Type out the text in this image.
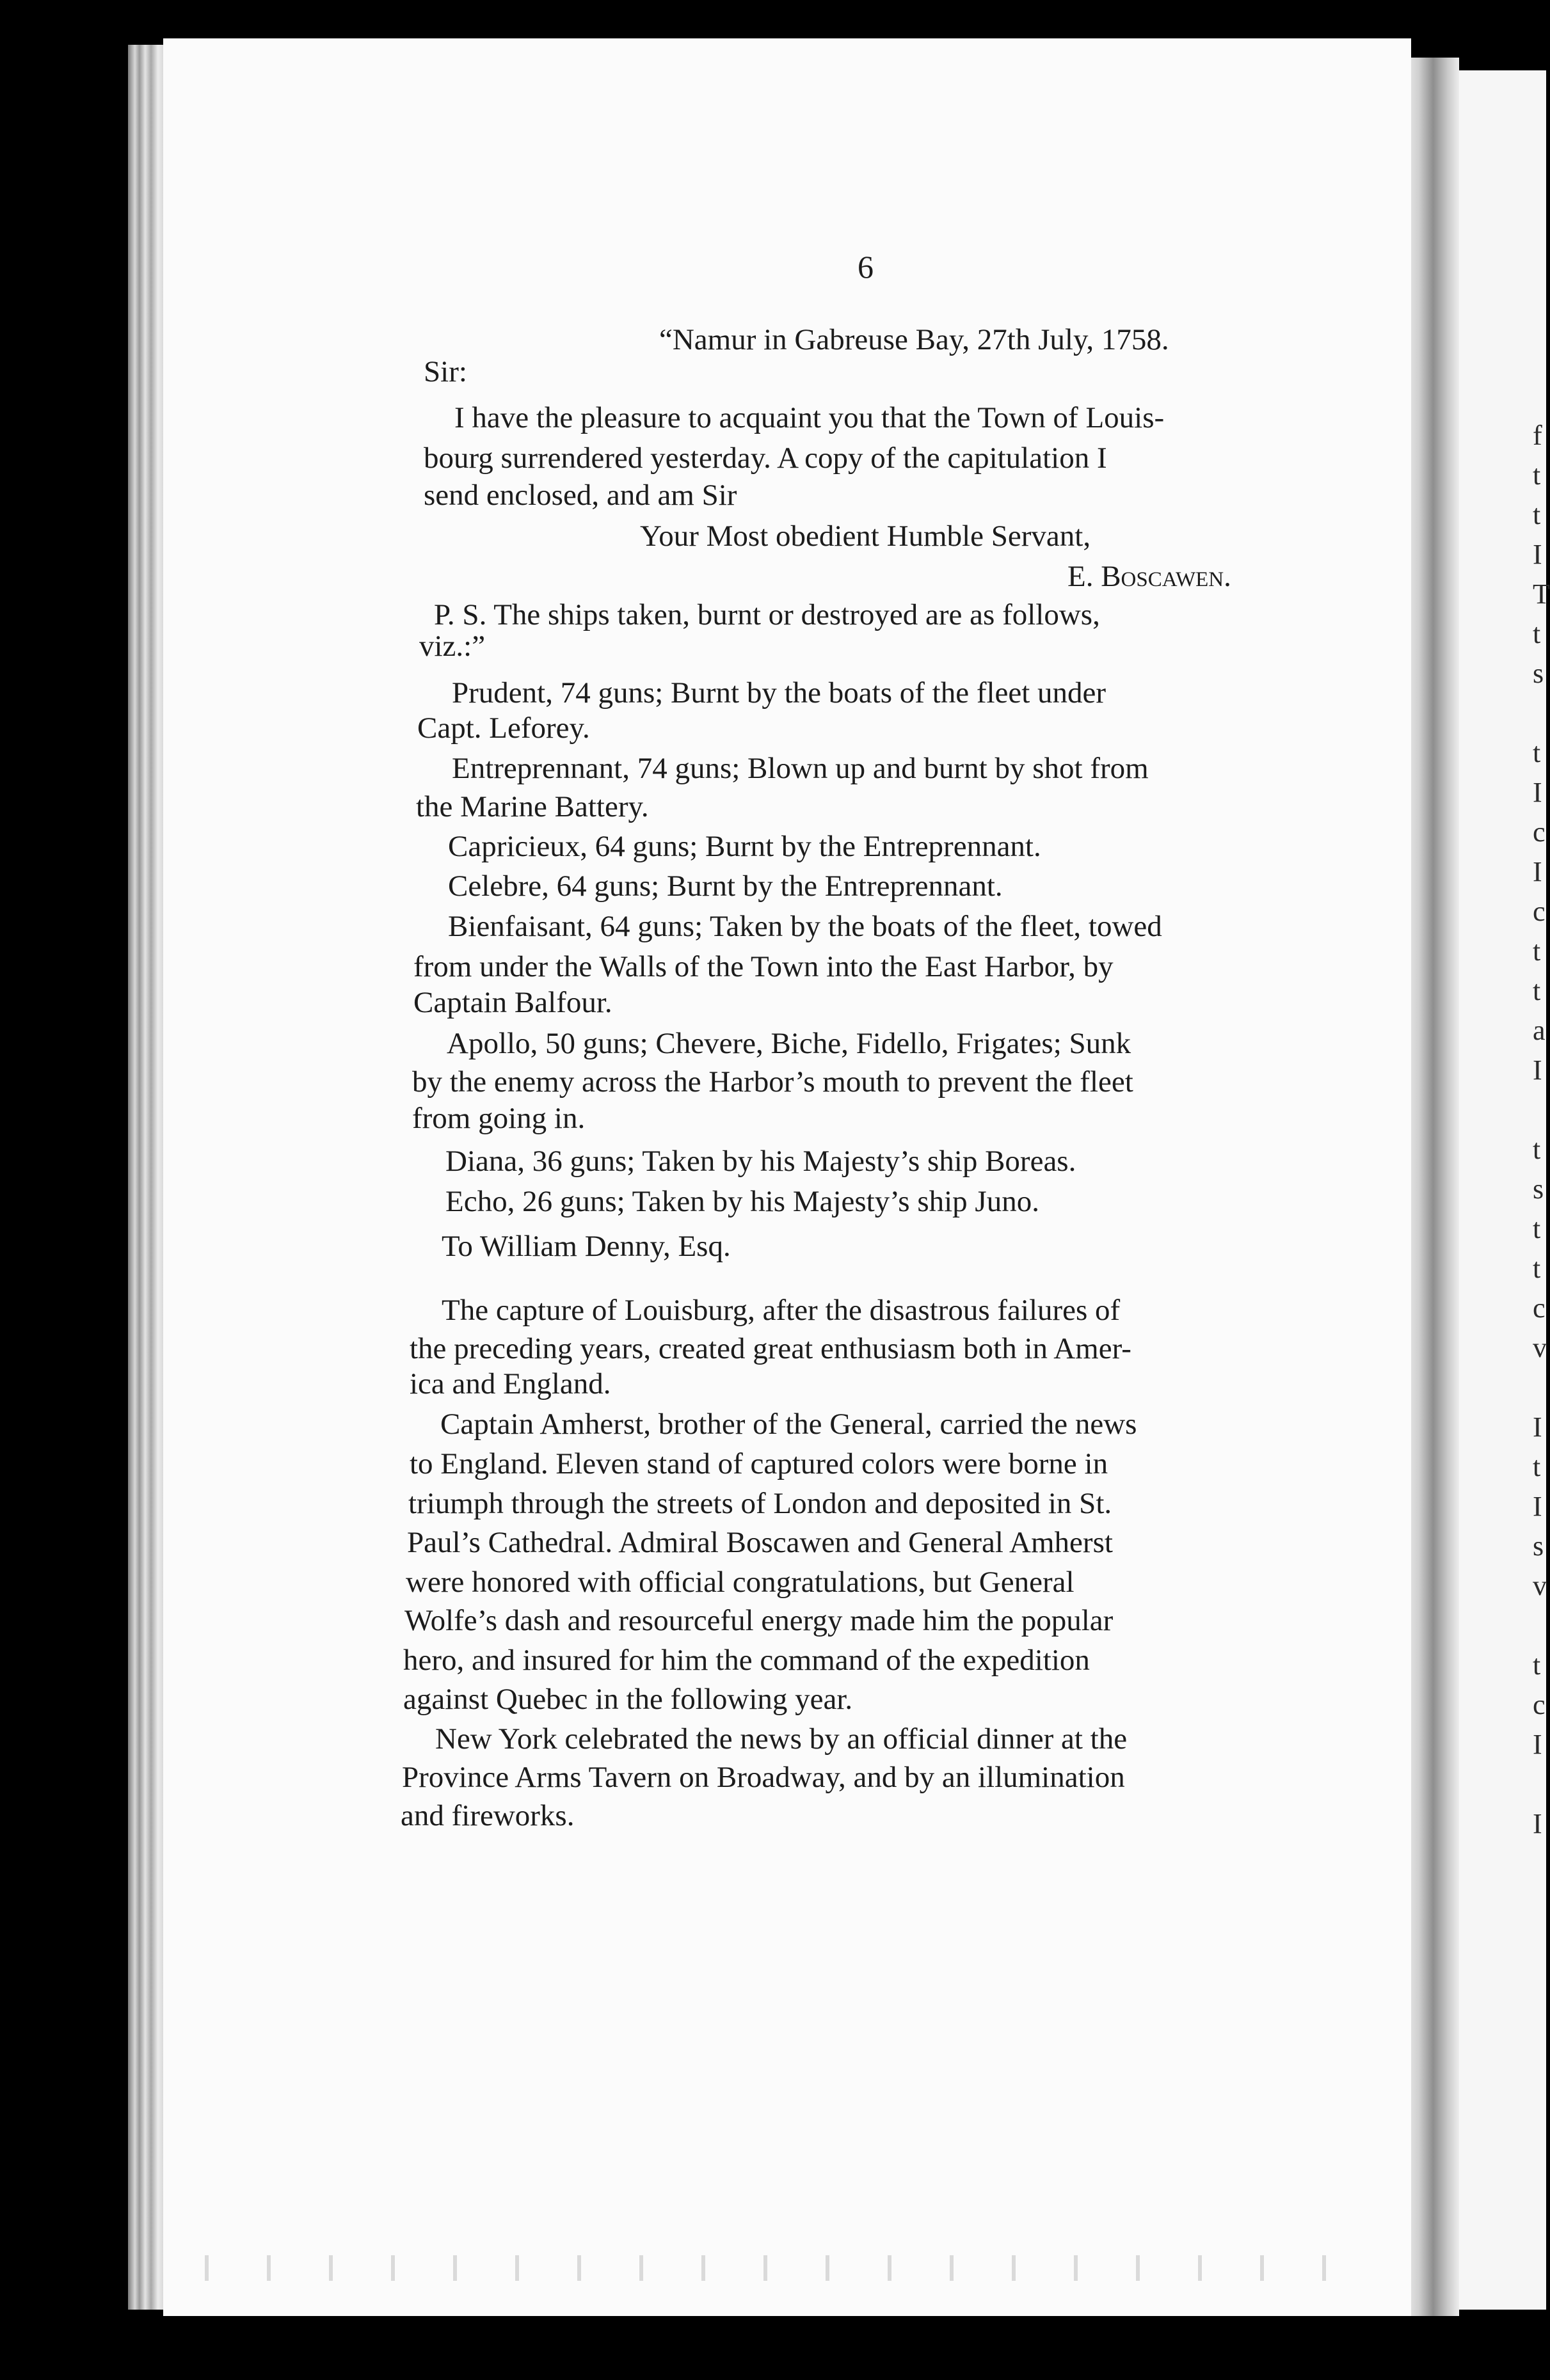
f
t
t
I
T
t
s
t
I
c
I
c
t
t
a
I
t
s
t
t
c
v
I
t
I
s
v
t
c
I
I
6
“Namur in Gabreuse Bay, 27th July, 1758.
Sir:
I have the pleasure to acquaint you that the Town of Louis-
bourg surrendered yesterday. A copy of the capitulation I
send enclosed, and am Sir
Your Most obedient Humble Servant,
E. Boscawen.
P. S. The ships taken, burnt or destroyed are as follows,
viz.:”
Prudent, 74 guns; Burnt by the boats of the fleet under
Capt. Leforey.
Entreprennant, 74 guns; Blown up and burnt by shot from
the Marine Battery.
Capricieux, 64 guns; Burnt by the Entreprennant.
Celebre, 64 guns; Burnt by the Entreprennant.
Bienfaisant, 64 guns; Taken by the boats of the fleet, towed
from under the Walls of the Town into the East Harbor, by
Captain Balfour.
Apollo, 50 guns; Chevere, Biche, Fidello, Frigates; Sunk
by the enemy across the Harbor’s mouth to prevent the fleet
from going in.
Diana, 36 guns; Taken by his Majesty’s ship Boreas.
Echo, 26 guns; Taken by his Majesty’s ship Juno.
To William Denny, Esq.
The capture of Louisburg, after the disastrous failures of
the preceding years, created great enthusiasm both in Amer-
ica and England.
Captain Amherst, brother of the General, carried the news
to England. Eleven stand of captured colors were borne in
triumph through the streets of London and deposited in St.
Paul’s Cathedral. Admiral Boscawen and General Amherst
were honored with official congratulations, but General
Wolfe’s dash and resourceful energy made him the popular
hero, and insured for him the command of the expedition
against Quebec in the following year.
New York celebrated the news by an official dinner at the
Province Arms Tavern on Broadway, and by an illumination
and fireworks.
